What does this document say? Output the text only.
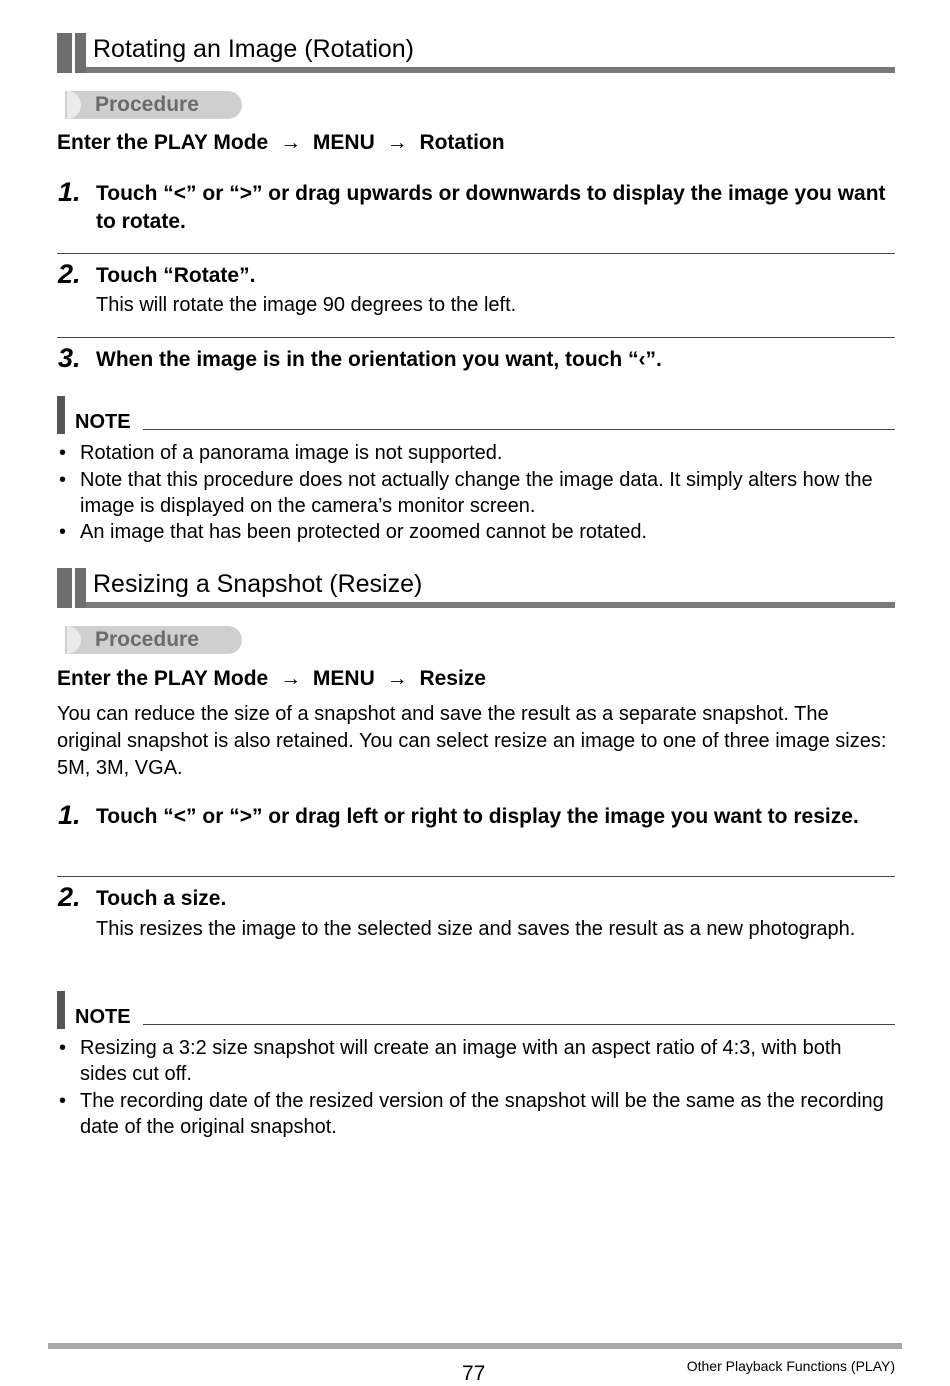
Rotating an Image (Rotation)
Procedure
Enter the PLAY Mode → MENU → Rotation
1. Touch “<” or “>” or drag upwards or downwards to display the image you want to rotate.
2. Touch “Rotate”.
This will rotate the image 90 degrees to the left.
3. When the image is in the orientation you want, touch “‹”.
NOTE
• Rotation of a panorama image is not supported.
• Note that this procedure does not actually change the image data. It simply alters how the image is displayed on the camera’s monitor screen.
• An image that has been protected or zoomed cannot be rotated.
Resizing a Snapshot (Resize)
Procedure
Enter the PLAY Mode → MENU → Resize
You can reduce the size of a snapshot and save the result as a separate snapshot. The original snapshot is also retained. You can select resize an image to one of three image sizes: 5M, 3M, VGA.
1. Touch “<” or “>” or drag left or right to display the image you want to resize.
2. Touch a size.
This resizes the image to the selected size and saves the result as a new photograph.
NOTE
• Resizing a 3:2 size snapshot will create an image with an aspect ratio of 4:3, with both sides cut off.
• The recording date of the resized version of the snapshot will be the same as the recording date of the original snapshot.
77	Other Playback Functions (PLAY)
